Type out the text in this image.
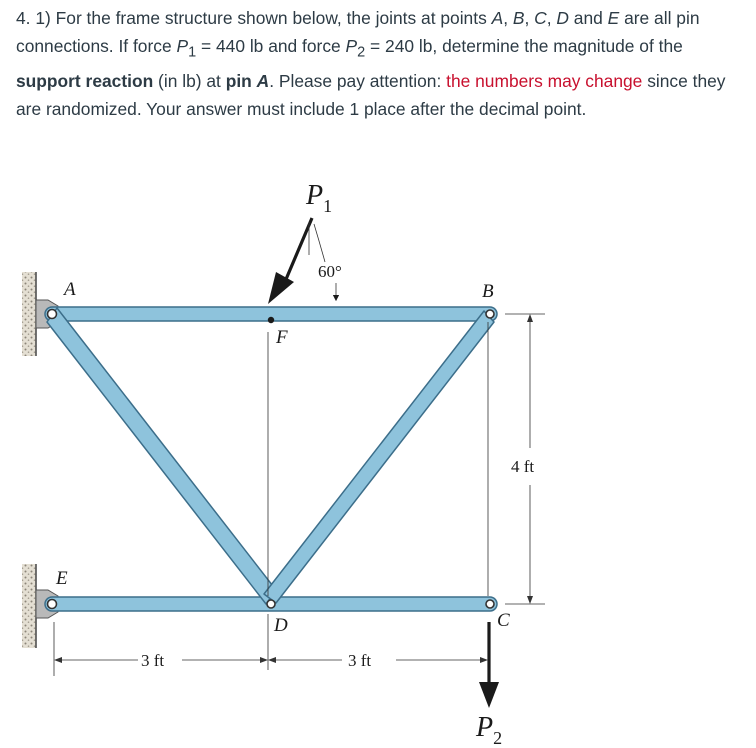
4. 1) For the frame structure shown below, the joints at points A, B, C, D and E are all pin connections. If force $P_1 = 440$ lb and force $P_2 = 240$ lb, determine the magnitude of the support reaction (in lb) at pin A. Please pay attention: the numbers may change since they are randomized. Your answer must include 1 place after the decimal point.

$P_1$
60°
A	B
F
E
D	C
4 ft
3 ft	3 ft
$P_2$
